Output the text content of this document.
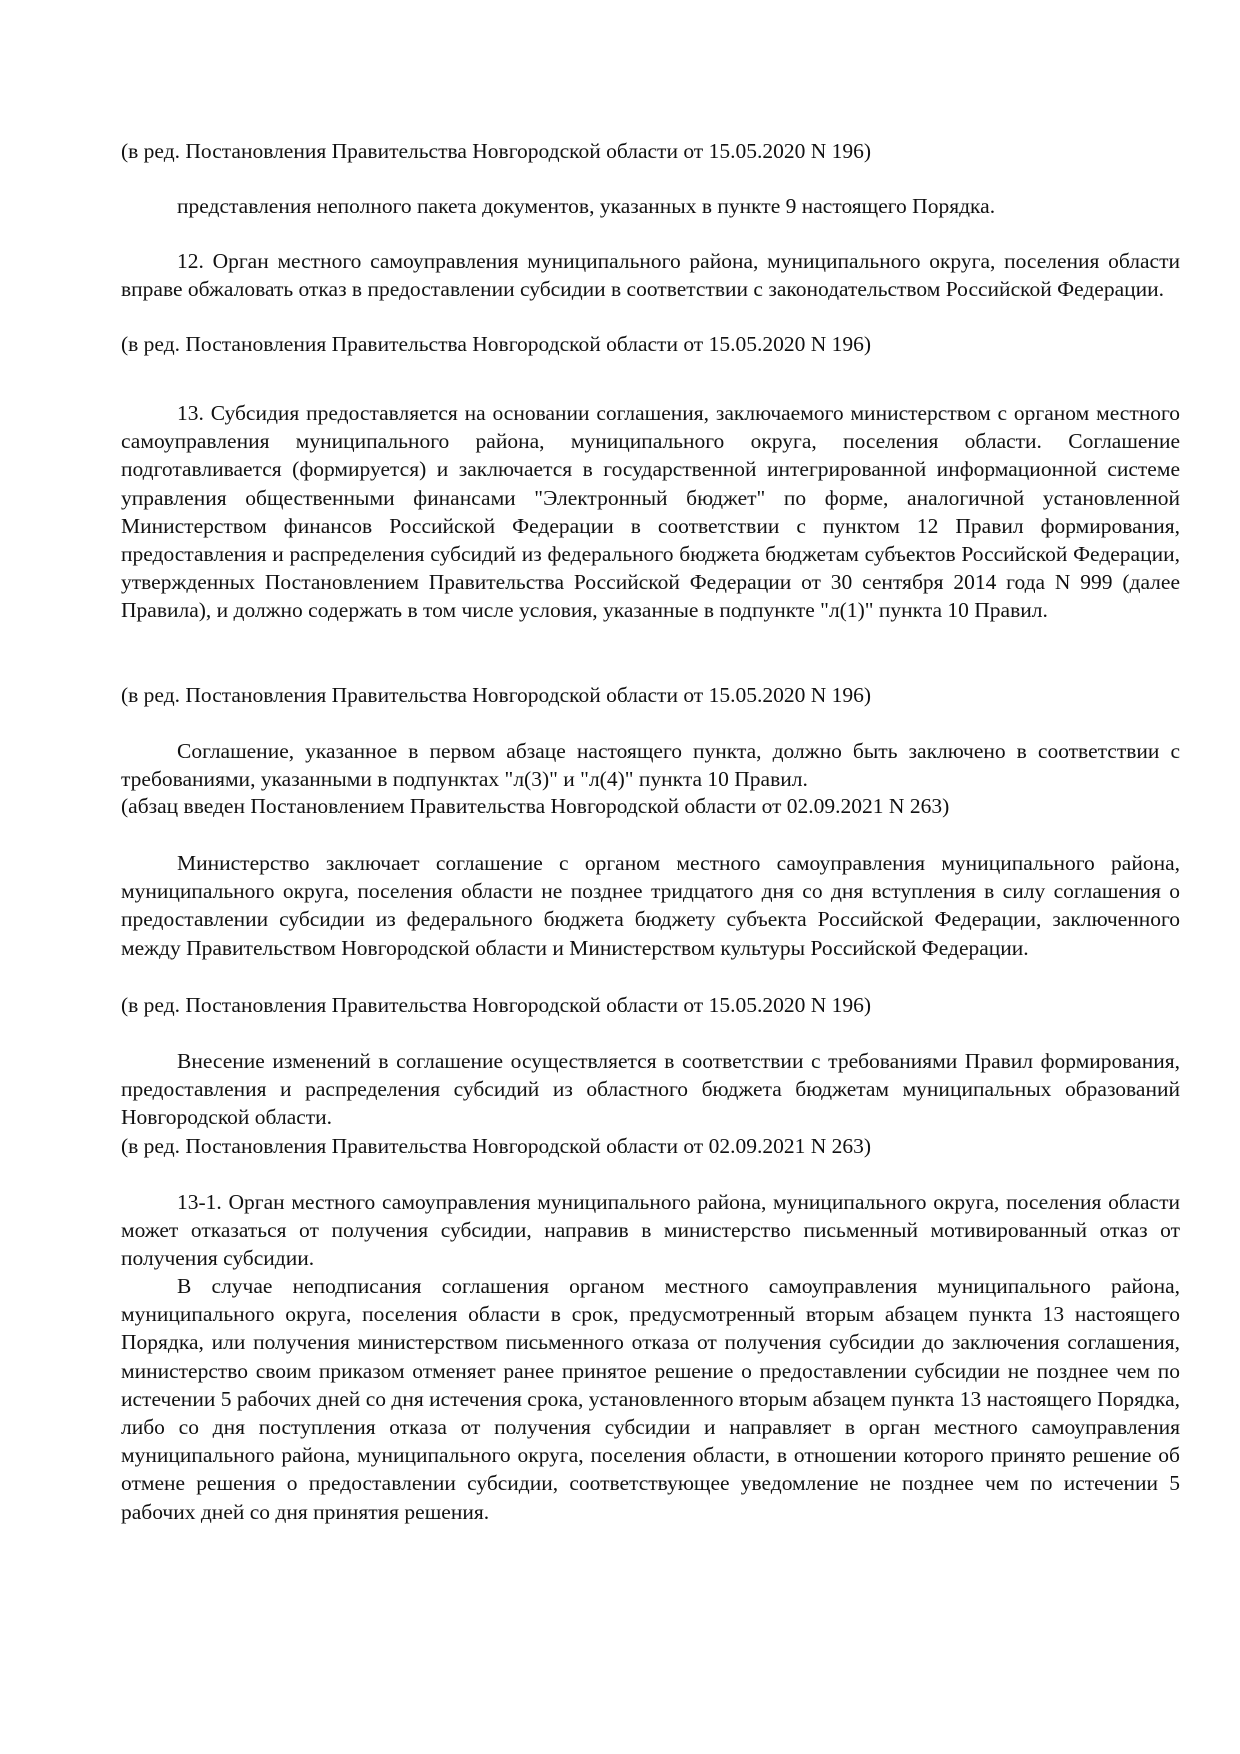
(в ред. Постановления Правительства Новгородской области от 15.05.2020 N 196)

представления неполного пакета документов, указанных в пункте 9 настоящего Порядка.

12. Орган местного самоуправления муниципального района, муниципального округа, поселения области вправе обжаловать отказ в предоставлении субсидии в соответствии с законодательством Российской Федерации.

(в ред. Постановления Правительства Новгородской области от 15.05.2020 N 196)

13. Субсидия предоставляется на основании соглашения, заключаемого министерством с органом местного самоуправления муниципального района, муниципального округа, поселения области. Соглашение подготавливается (формируется) и заключается в государственной интегрированной информационной системе управления общественными финансами "Электронный бюджет" по форме, аналогичной установленной Министерством финансов Российской Федерации в соответствии с пунктом 12 Правил формирования, предоставления и распределения субсидий из федерального бюджета бюджетам субъектов Российской Федерации, утвержденных Постановлением Правительства Российской Федерации от 30 сентября 2014 года N 999 (далее Правила), и должно содержать в том числе условия, указанные в подпункте "л(1)" пункта 10 Правил.

(в ред. Постановления Правительства Новгородской области от 15.05.2020 N 196)

Соглашение, указанное в первом абзаце настоящего пункта, должно быть заключено в соответствии с требованиями, указанными в подпунктах "л(3)" и "л(4)" пункта 10 Правил.

(абзац введен Постановлением Правительства Новгородской области от 02.09.2021 N 263)

Министерство заключает соглашение с органом местного самоуправления муниципального района, муниципального округа, поселения области не позднее тридцатого дня со дня вступления в силу соглашения о предоставлении субсидии из федерального бюджета бюджету субъекта Российской Федерации, заключенного между Правительством Новгородской области и Министерством культуры Российской Федерации.

(в ред. Постановления Правительства Новгородской области от 15.05.2020 N 196)

Внесение изменений в соглашение осуществляется в соответствии с требованиями Правил формирования, предоставления и распределения субсидий из областного бюджета бюджетам муниципальных образований Новгородской области.

(в ред. Постановления Правительства Новгородской области от 02.09.2021 N 263)

13-1. Орган местного самоуправления муниципального района, муниципального округа, поселения области может отказаться от получения субсидии, направив в министерство письменный мотивированный отказ от получения субсидии.

В случае неподписания соглашения органом местного самоуправления муниципального района, муниципального округа, поселения области в срок, предусмотренный вторым абзацем пункта 13 настоящего Порядка, или получения министерством письменного отказа от получения субсидии до заключения соглашения, министерство своим приказом отменяет ранее принятое решение о предоставлении субсидии не позднее чем по истечении 5 рабочих дней со дня истечения срока, установленного вторым абзацем пункта 13 настоящего Порядка, либо со дня поступления отказа от получения субсидии и направляет в орган местного самоуправления муниципального района, муниципального округа, поселения области, в отношении которого принято решение об отмене решения о предоставлении субсидии, соответствующее уведомление не позднее чем по истечении 5 рабочих дней со дня принятия решения.
